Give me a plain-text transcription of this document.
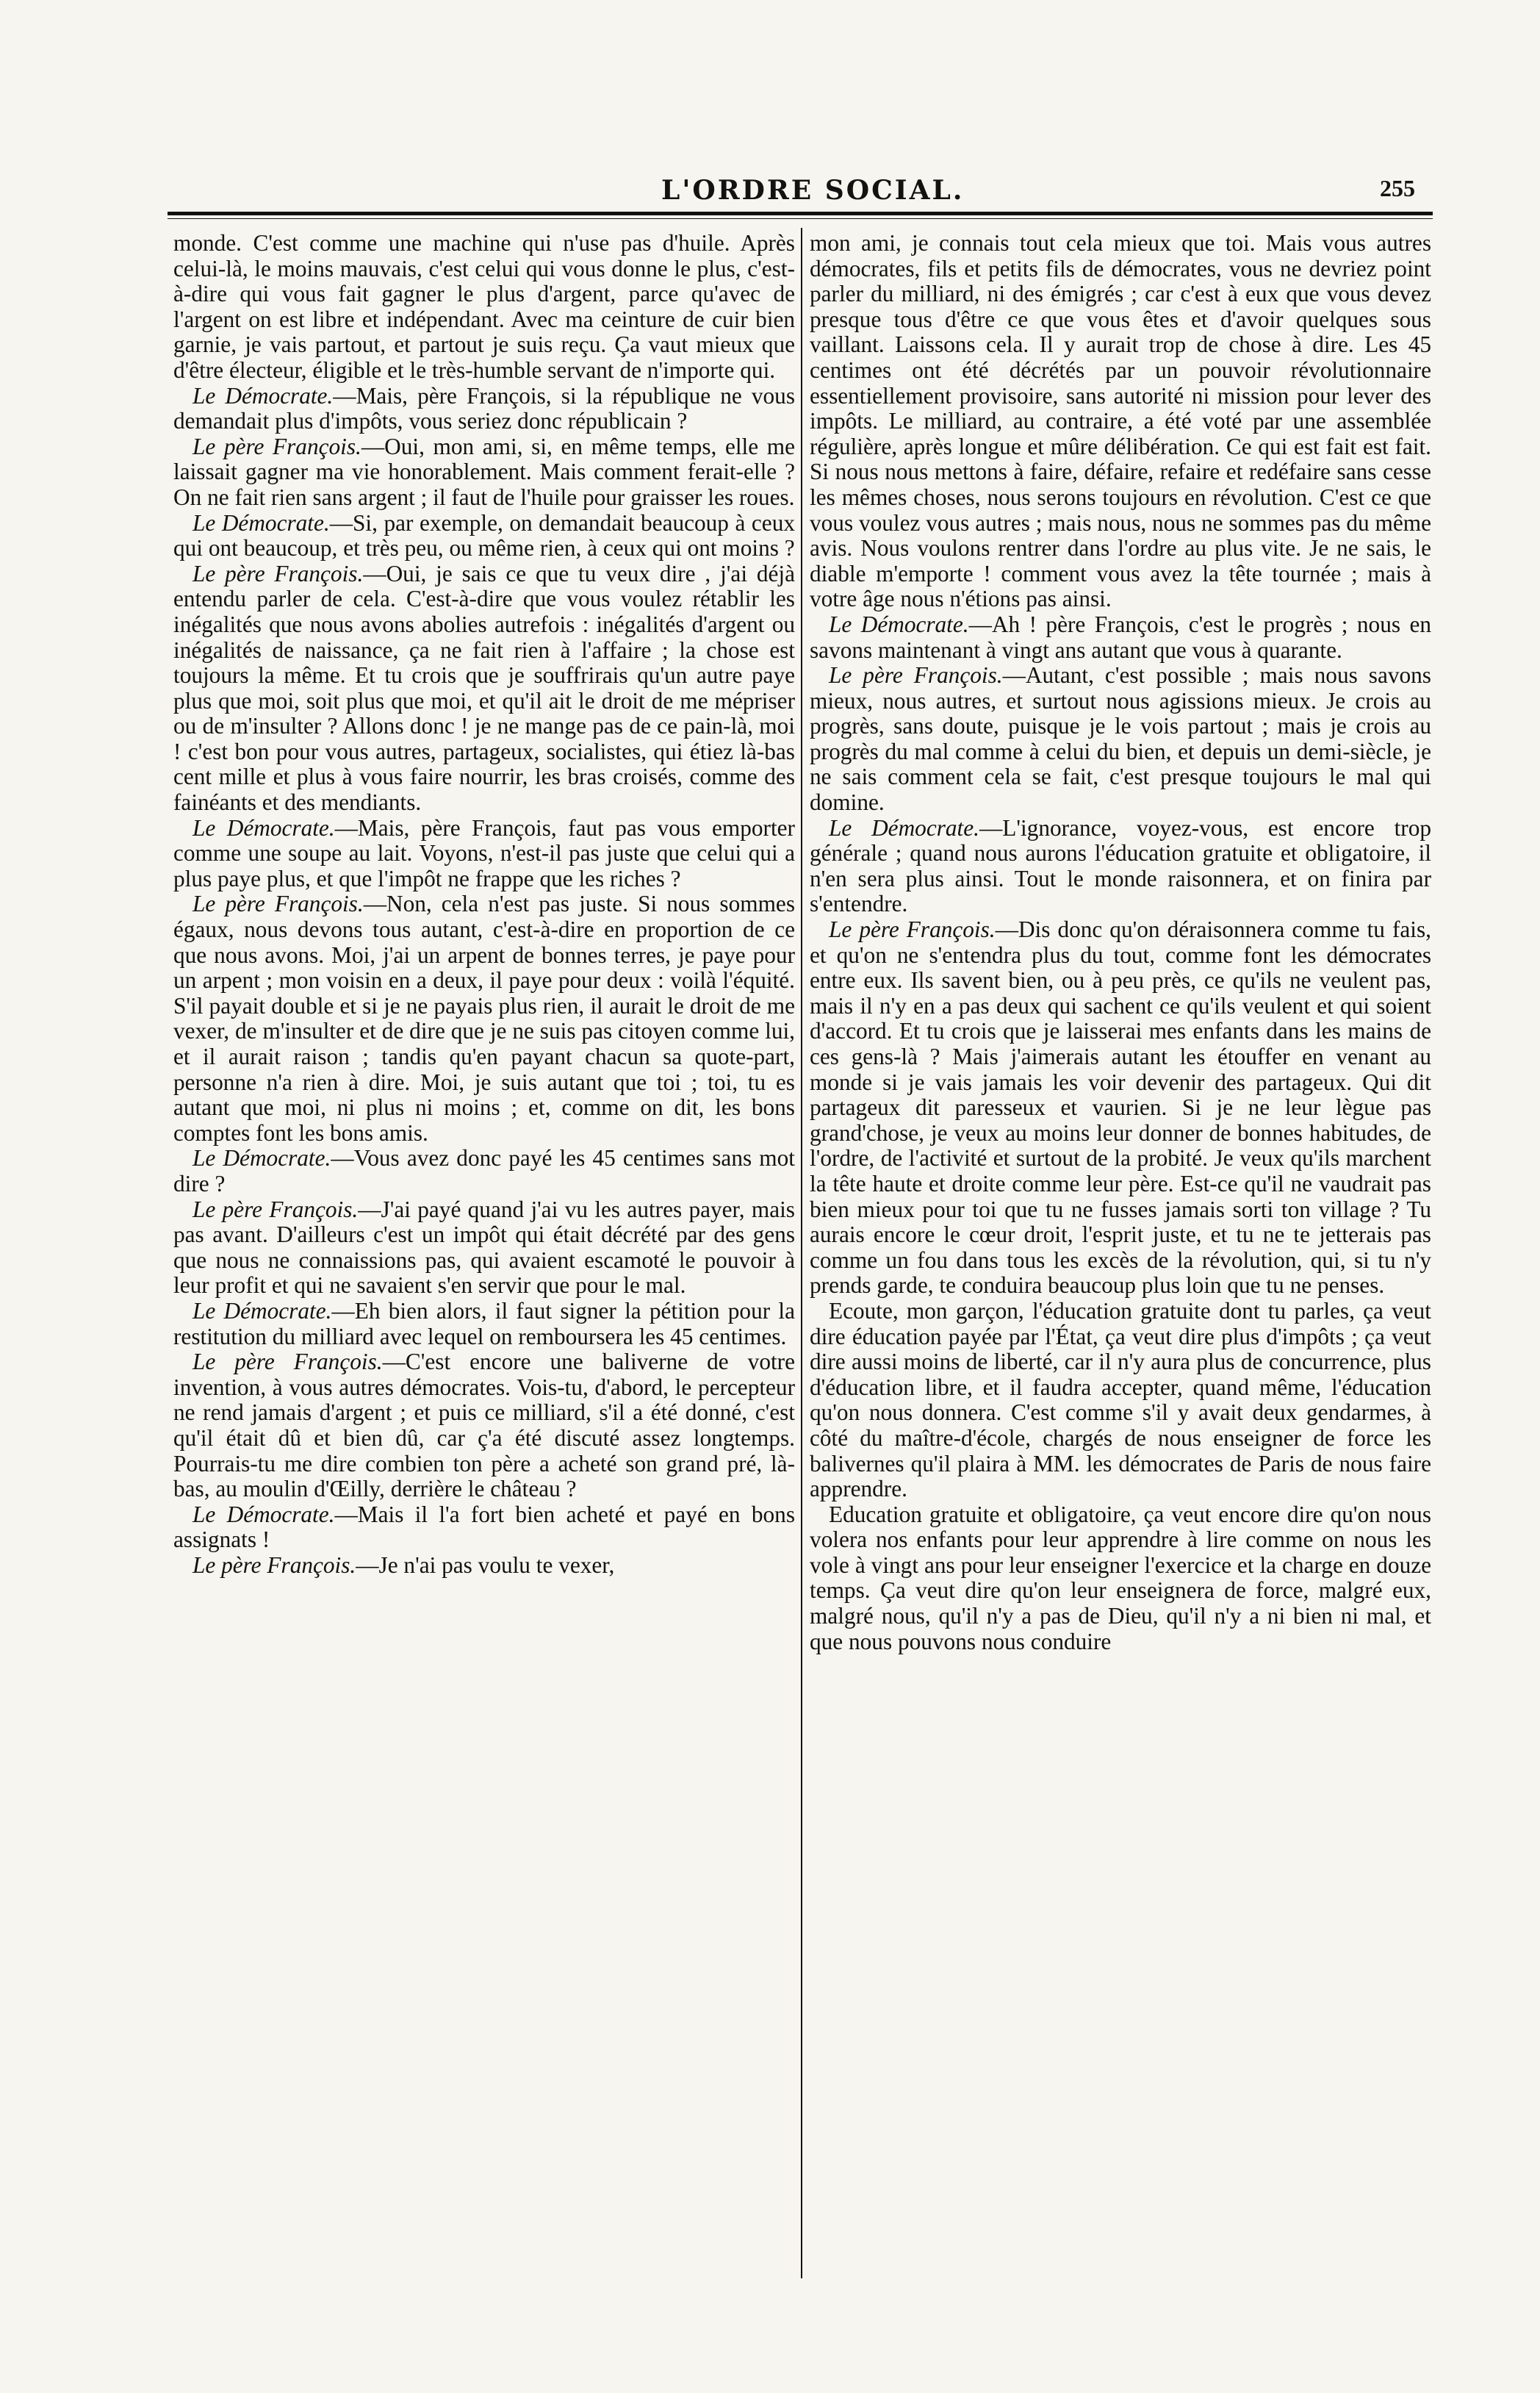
L'ORDRE SOCIAL.	255

monde. C'est comme une machine qui n'use pas d'huile. Après celui-là, le moins mauvais, c'est celui qui vous donne le plus, c'est-à-dire qui vous fait gagner le plus d'argent, parce qu'avec de l'argent on est libre et indépendant. Avec ma ceinture de cuir bien garnie, je vais partout, et partout je suis reçu. Ça vaut mieux que d'être électeur, éligible et le très-humble servant de n'importe qui.

Le Démocrate.—Mais, père François, si la république ne vous demandait plus d'impôts, vous seriez donc républicain ?

Le père François.—Oui, mon ami, si, en même temps, elle me laissait gagner ma vie honorablement. Mais comment ferait-elle ? On ne fait rien sans argent ; il faut de l'huile pour graisser les roues.

Le Démocrate.—Si, par exemple, on demandait beaucoup à ceux qui ont beaucoup, et très peu, ou même rien, à ceux qui ont moins ?

Le père François.—Oui, je sais ce que tu veux dire , j'ai déjà entendu parler de cela. C'est-à-dire que vous voulez rétablir les inégalités que nous avons abolies autrefois : inégalités d'argent ou inégalités de naissance, ça ne fait rien à l'affaire ; la chose est toujours la même. Et tu crois que je souffrirais qu'un autre paye plus que moi, soit plus que moi, et qu'il ait le droit de me mépriser ou de m'insulter ? Allons donc ! je ne mange pas de ce pain-là, moi ! c'est bon pour vous autres, partageux, socialistes, qui étiez là-bas cent mille et plus à vous faire nourrir, les bras croisés, comme des fainéants et des mendiants.

Le Démocrate.—Mais, père François, faut pas vous emporter comme une soupe au lait. Voyons, n'est-il pas juste que celui qui a plus paye plus, et que l'impôt ne frappe que les riches ?

Le père François.—Non, cela n'est pas juste. Si nous sommes égaux, nous devons tous autant, c'est-à-dire en proportion de ce que nous avons. Moi, j'ai un arpent de bonnes terres, je paye pour un arpent ; mon voisin en a deux, il paye pour deux : voilà l'équité. S'il payait double et si je ne payais plus rien, il aurait le droit de me vexer, de m'insulter et de dire que je ne suis pas citoyen comme lui, et il aurait raison ; tandis qu'en payant chacun sa quote-part, personne n'a rien à dire. Moi, je suis autant que toi ; toi, tu es autant que moi, ni plus ni moins ; et, comme on dit, les bons comptes font les bons amis.

Le Démocrate.—Vous avez donc payé les 45 centimes sans mot dire ?

Le père François.—J'ai payé quand j'ai vu les autres payer, mais pas avant. D'ailleurs c'est un impôt qui était décrété par des gens que nous ne connaissions pas, qui avaient escamoté le pouvoir à leur profit et qui ne savaient s'en servir que pour le mal.

Le Démocrate.—Eh bien alors, il faut signer la pétition pour la restitution du milliard avec lequel on remboursera les 45 centimes.

Le père François.—C'est encore une baliverne de votre invention, à vous autres démocrates. Vois-tu, d'abord, le percepteur ne rend jamais d'argent ; et puis ce milliard, s'il a été donné, c'est qu'il était dû et bien dû, car ç'a été discuté assez longtemps. Pourrais-tu me dire combien ton père a acheté son grand pré, là-bas, au moulin d'Œilly, derrière le château ?

Le Démocrate.—Mais il l'a fort bien acheté et payé en bons assignats !

Le père François.—Je n'ai pas voulu te vexer,

mon ami, je connais tout cela mieux que toi. Mais vous autres démocrates, fils et petits fils de démocrates, vous ne devriez point parler du milliard, ni des émigrés ; car c'est à eux que vous devez presque tous d'être ce que vous êtes et d'avoir quelques sous vaillant. Laissons cela. Il y aurait trop de chose à dire. Les 45 centimes ont été décrétés par un pouvoir révolutionnaire essentiellement provisoire, sans autorité ni mission pour lever des impôts. Le milliard, au contraire, a été voté par une assemblée régulière, après longue et mûre délibération. Ce qui est fait est fait. Si nous nous mettons à faire, défaire, refaire et redéfaire sans cesse les mêmes choses, nous serons toujours en révolution. C'est ce que vous voulez vous autres ; mais nous, nous ne sommes pas du même avis. Nous voulons rentrer dans l'ordre au plus vite. Je ne sais, le diable m'emporte ! comment vous avez la tête tournée ; mais à votre âge nous n'étions pas ainsi.

Le Démocrate.—Ah ! père François, c'est le progrès ; nous en savons maintenant à vingt ans autant que vous à quarante.

Le père François.—Autant, c'est possible ; mais nous savons mieux, nous autres, et surtout nous agissions mieux. Je crois au progrès, sans doute, puisque je le vois partout ; mais je crois au progrès du mal comme à celui du bien, et depuis un demi-siècle, je ne sais comment cela se fait, c'est presque toujours le mal qui domine.

Le Démocrate.—L'ignorance, voyez-vous, est encore trop générale ; quand nous aurons l'éducation gratuite et obligatoire, il n'en sera plus ainsi. Tout le monde raisonnera, et on finira par s'entendre.

Le père François.—Dis donc qu'on déraisonnera comme tu fais, et qu'on ne s'entendra plus du tout, comme font les démocrates entre eux. Ils savent bien, ou à peu près, ce qu'ils ne veulent pas, mais il n'y en a pas deux qui sachent ce qu'ils veulent et qui soient d'accord. Et tu crois que je laisserai mes enfants dans les mains de ces gens-là ? Mais j'aimerais autant les étouffer en venant au monde si je vais jamais les voir devenir des partageux. Qui dit partageux dit paresseux et vaurien. Si je ne leur lègue pas grand'chose, je veux au moins leur donner de bonnes habitudes, de l'ordre, de l'activité et surtout de la probité. Je veux qu'ils marchent la tête haute et droite comme leur père. Est-ce qu'il ne vaudrait pas bien mieux pour toi que tu ne fusses jamais sorti ton village ? Tu aurais encore le cœur droit, l'esprit juste, et tu ne te jetterais pas comme un fou dans tous les excès de la révolution, qui, si tu n'y prends garde, te conduira beaucoup plus loin que tu ne penses.

Ecoute, mon garçon, l'éducation gratuite dont tu parles, ça veut dire éducation payée par l'État, ça veut dire plus d'impôts ; ça veut dire aussi moins de liberté, car il n'y aura plus de concurrence, plus d'éducation libre, et il faudra accepter, quand même, l'éducation qu'on nous donnera. C'est comme s'il y avait deux gendarmes, à côté du maître-d'école, chargés de nous enseigner de force les balivernes qu'il plaira à MM. les démocrates de Paris de nous faire apprendre.

Education gratuite et obligatoire, ça veut encore dire qu'on nous volera nos enfants pour leur apprendre à lire comme on nous les vole à vingt ans pour leur enseigner l'exercice et la charge en douze temps. Ça veut dire qu'on leur enseignera de force, malgré eux, malgré nous, qu'il n'y a pas de Dieu, qu'il n'y a ni bien ni mal, et que nous pouvons nous conduire
